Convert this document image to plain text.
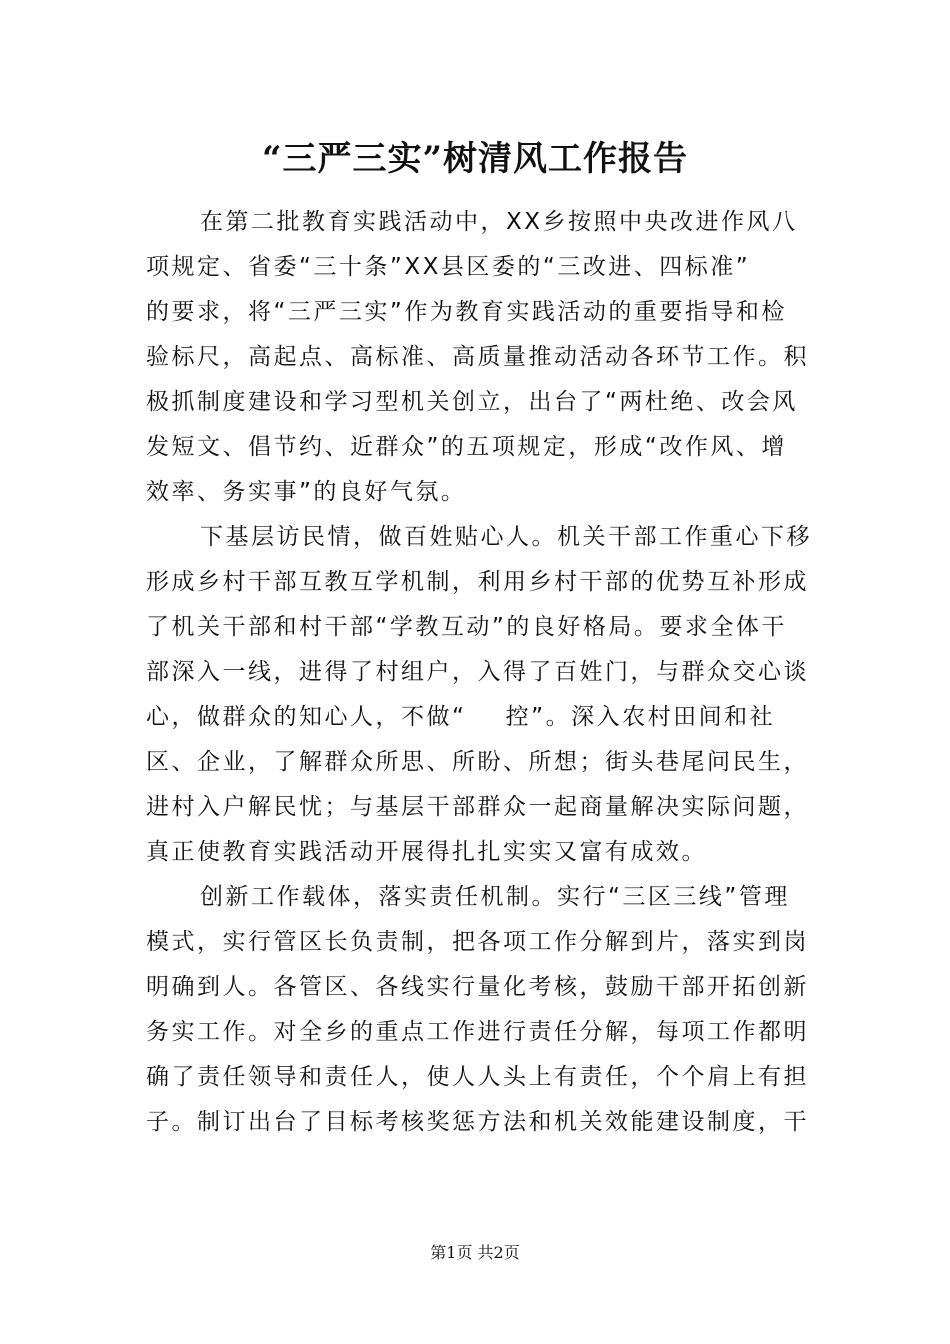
“三严三实”树清风工作报告
在第二批教育实践活动中，XX乡按照中央改进作风八
项规定、省委“三十条”XX县区委的“三改进、四标准”
的要求，将“三严三实”作为教育实践活动的重要指导和检
验标尺，高起点、高标准、高质量推动活动各环节工作。积
极抓制度建设和学习型机关创立，出台了“两杜绝、改会风
发短文、倡节约、近群众”的五项规定，形成“改作风、增
效率、务实事”的良好气氛。
下基层访民情，做百姓贴心人。机关干部工作重心下移
形成乡村干部互教互学机制，利用乡村干部的优势互补形成
了机关干部和村干部“学教互动”的良好格局。要求全体干
部深入一线，进得了村组户，入得了百姓门，与群众交心谈
心，做群众的知心人，不做“    控”。深入农村田间和社
区、企业，了解群众所思、所盼、所想；街头巷尾问民生，
进村入户解民忧；与基层干部群众一起商量解决实际问题，
真正使教育实践活动开展得扎扎实实又富有成效。
创新工作载体，落实责任机制。实行“三区三线”管理
模式，实行管区长负责制，把各项工作分解到片，落实到岗
明确到人。各管区、各线实行量化考核，鼓励干部开拓创新
务实工作。对全乡的重点工作进行责任分解，每项工作都明
确了责任领导和责任人，使人人头上有责任，个个肩上有担
子。制订出台了目标考核奖惩方法和机关效能建设制度，干
第1页 共2页
